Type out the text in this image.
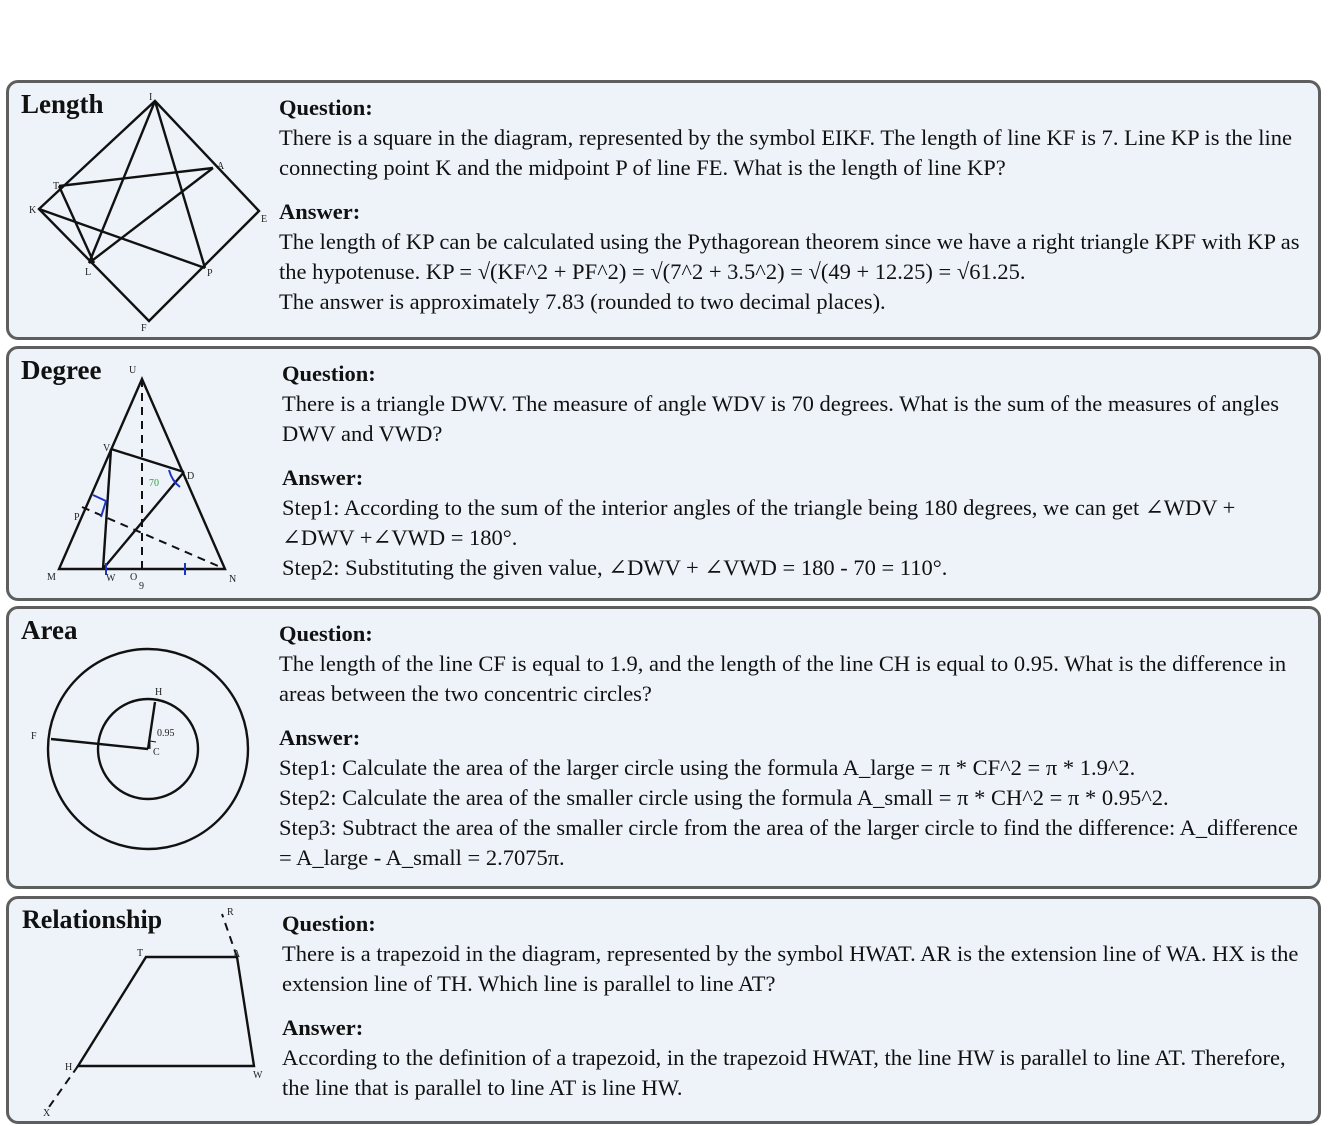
I
A
T
K
E
L	P
F
Length	Question:
There is a square in the diagram, represented by the symbol EIKF. The length of line KF is 7. Line KP is the line connecting point K and the midpoint P of line FE. What is the length of line KP?
Answer:
The length of KP can be calculated using the Pythagorean theorem since we have a right triangle KPF with KP as the hypotenuse. KP = √(KF^2 + PF^2) = √(7^2 + 3.5^2) = √(49 + 12.25) = √61.25.
The answer is approximately 7.83 (rounded to two decimal places).
70
U
V
D
P
M	W O
9
N
Degree	Question:
There is a triangle DWV. The measure of angle WDV is 70 degrees. What is the sum of the measures of angles DWV and VWD?
Answer:
Step1: According to the sum of the interior angles of the triangle being 180 degrees, we can get ∠WDV + ∠DWV +∠VWD = 180°.
Step2: Substituting the given value, ∠DWV + ∠VWD = 180 - 70 = 110°.
H
F
C
0.95
Area	Question:
The length of the line CF is equal to 1.9, and the length of the line CH is equal to 0.95. What is the difference in areas between the two concentric circles?
Answer:
Step1: Calculate the area of the larger circle using the formula A_large = π * CF^2 = π * 1.9^2.
Step2: Calculate the area of the smaller circle using the formula A_small = π * CH^2 = π * 0.95^2.
Step3: Subtract the area of the smaller circle from the area of the larger circle to find the difference: A_difference = A_large - A_small = 2.7075π.
R
T	A
H
W
X
Relationship	Question:
There is a trapezoid in the diagram, represented by the symbol HWAT. AR is the extension line of WA. HX is the extension line of TH. Which line is parallel to line AT?
Answer:
According to the definition of a trapezoid, in the trapezoid HWAT, the line HW is parallel to line AT. Therefore, the line that is parallel to line AT is line HW.
